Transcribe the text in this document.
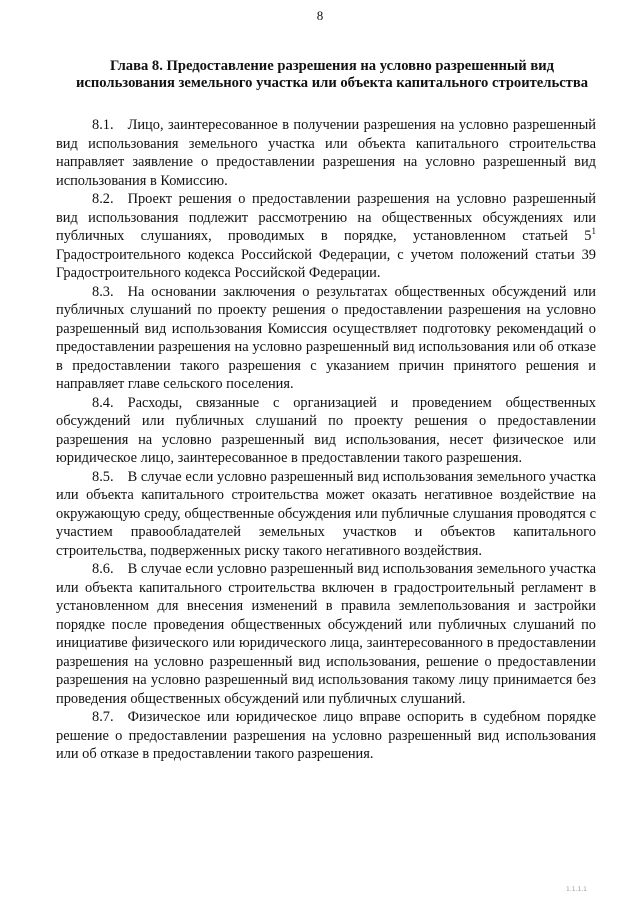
8
Глава 8. Предоставление разрешения на условно разрешенный вид использования земельного участка или объекта капитального строительства

8.1. Лицо, заинтересованное в получении разрешения на условно разрешенный вид использования земельного участка или объекта капитального строительства направляет заявление о предоставлении разрешения на условно разрешенный вид использования в Комиссию.

8.2. Проект решения о предоставлении разрешения на условно разрешенный вид использования подлежит рассмотрению на общественных обсуждениях или публичных слушаниях, проводимых в порядке, установленном статьей $5^1$ Градостроительного кодекса Российской Федерации, с учетом положений статьи 39 Градостроительного кодекса Российской Федерации.

8.3. На основании заключения о результатах общественных обсуждений или публичных слушаний по проекту решения о предоставлении разрешения на условно разрешенный вид использования Комиссия осуществляет подготовку рекомендаций о предоставлении разрешения на условно разрешенный вид использования или об отказе в предоставлении такого разрешения с указанием причин принятого решения и направляет главе сельского поселения.

8.4. Расходы, связанные с организацией и проведением общественных обсуждений или публичных слушаний по проекту решения о предоставлении разрешения на условно разрешенный вид использования, несет физическое или юридическое лицо, заинтересованное в предоставлении такого разрешения.

8.5. В случае если условно разрешенный вид использования земельного участка или объекта капитального строительства может оказать негативное воздействие на окружающую среду, общественные обсуждения или публичные слушания проводятся с участием правообладателей земельных участков и объектов капитального строительства, подверженных риску такого негативного воздействия.

8.6. В случае если условно разрешенный вид использования земельного участка или объекта капитального строительства включен в градостроительный регламент в установленном для внесения изменений в правила землепользования и застройки порядке после проведения общественных обсуждений или публичных слушаний по инициативе физического или юридического лица, заинтересованного в предоставлении разрешения на условно разрешенный вид использования, решение о предоставлении разрешения на условно разрешенный вид использования такому лицу принимается без проведения общественных обсуждений или публичных слушаний.

8.7. Физическое или юридическое лицо вправе оспорить в судебном порядке решение о предоставлении разрешения на условно разрешенный вид использования или об отказе в предоставлении такого разрешения.

1.1.1.1
